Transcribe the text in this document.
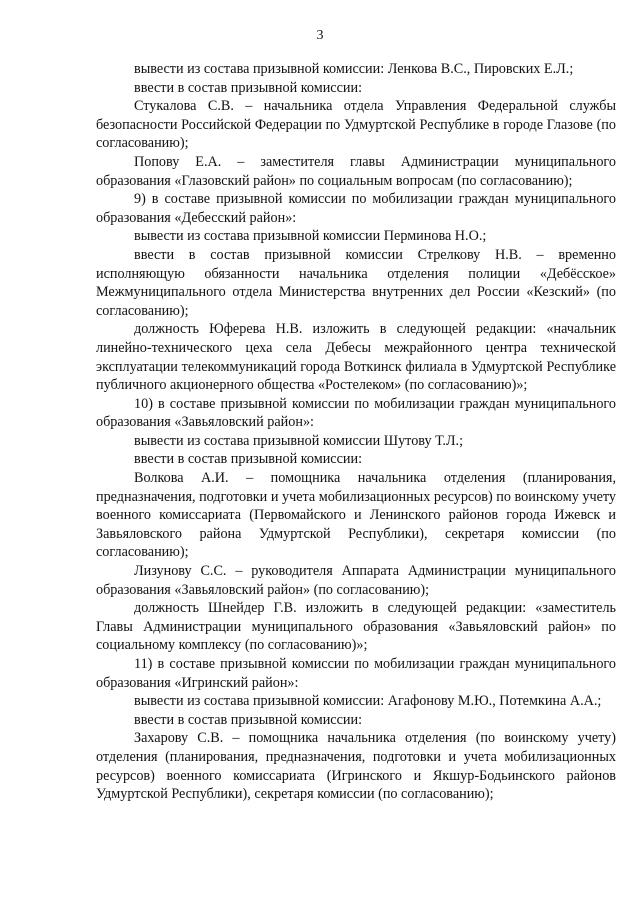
3

вывести из состава призывной комиссии: Ленкова В.С., Пировских Е.Л.;

ввести в состав призывной комиссии:

Стукалова С.В. – начальника отдела Управления Федеральной службы безопасности Российской Федерации по Удмуртской Республике в городе Глазове (по согласованию);

Попову Е.А. – заместителя главы Администрации муниципального образования «Глазовский район» по социальным вопросам (по согласованию);

9) в составе призывной комиссии по мобилизации граждан муниципального образования «Дебесский район»:

вывести из состава призывной комиссии Перминова Н.О.;

ввести в состав призывной комиссии Стрелкову Н.В. – временно исполняющую обязанности начальника отделения полиции «Дебёсское» Межмуниципального отдела Министерства внутренних дел России «Кезский» (по согласованию);

должность Юферева Н.В. изложить в следующей редакции: «начальник линейно-технического цеха села Дебесы межрайонного центра технической эксплуатации телекоммуникаций города Воткинск филиала в Удмуртской Республике публичного акционерного общества «Ростелеком» (по согласованию)»;

10) в составе призывной комиссии по мобилизации граждан муниципального образования «Завьяловский район»:

вывести из состава призывной комиссии Шутову Т.Л.;

ввести в состав призывной комиссии:

Волкова А.И. – помощника начальника отделения (планирования, предназначения, подготовки и учета мобилизационных ресурсов) по воинскому учету военного комиссариата (Первомайского и Ленинского районов города Ижевск и Завьяловского района Удмуртской Республики), секретаря комиссии (по согласованию);

Лизунову С.С. – руководителя Аппарата Администрации муниципального образования «Завьяловский район» (по согласованию);

должность Шнейдер Г.В. изложить в следующей редакции: «заместитель Главы Администрации муниципального образования «Завьяловский район» по социальному комплексу (по согласованию)»;

11) в составе призывной комиссии по мобилизации граждан муниципального образования «Игринский район»:

вывести из состава призывной комиссии: Агафонову М.Ю., Потемкина А.А.;

ввести в состав призывной комиссии:

Захарову С.В. – помощника начальника отделения (по воинскому учету) отделения (планирования, предназначения, подготовки и учета мобилизационных ресурсов) военного комиссариата (Игринского и Якшур-Бодьинского районов Удмуртской Республики), секретаря комиссии (по согласованию);
